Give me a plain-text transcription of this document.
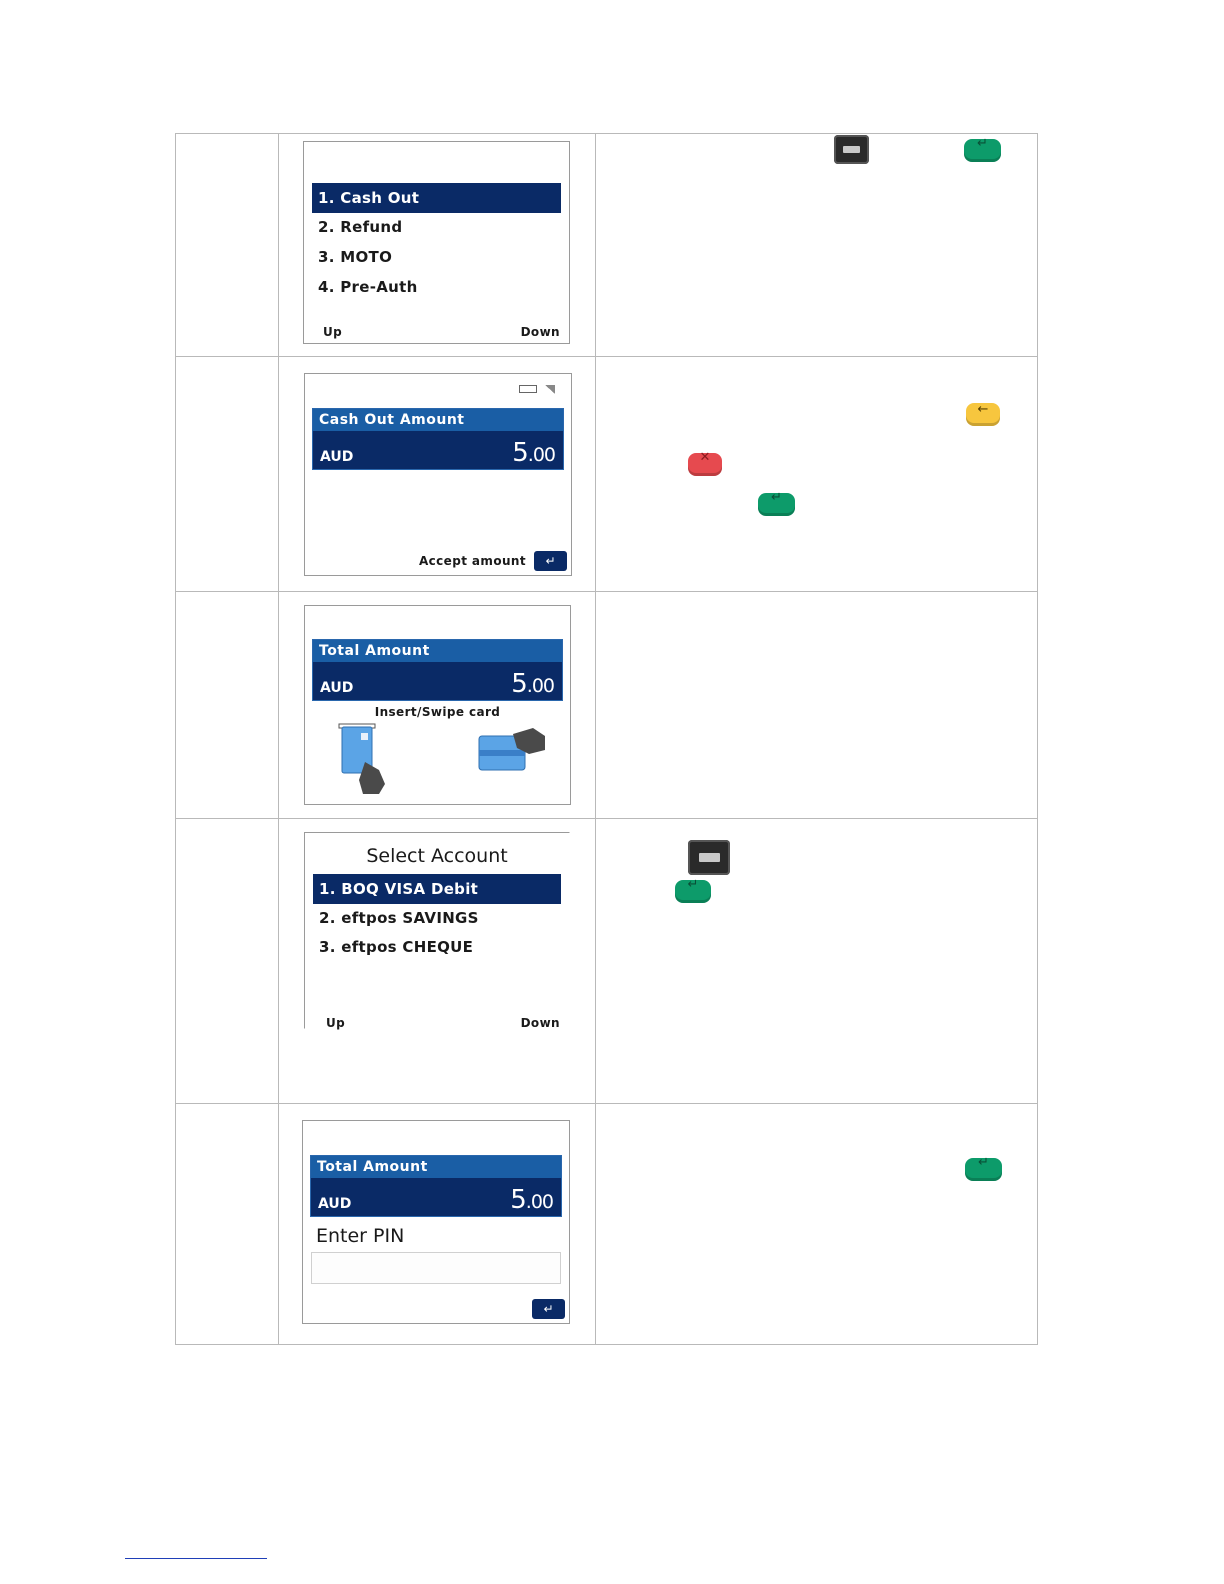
1. Cash Out
2. Refund
3. MOTO
4. Pre-Auth
Up	Down
↵
Cash Out Amount
AUD	5.00
Accept amount	↵
←
✕
↵
Total Amount
AUD	5.00
Insert/Swipe card
Select Account
1. BOQ VISA Debit
2. eftpos SAVINGS
3. eftpos CHEQUE
Up	Down
↵
Total Amount
AUD	5.00
Enter PIN
↵
↵
